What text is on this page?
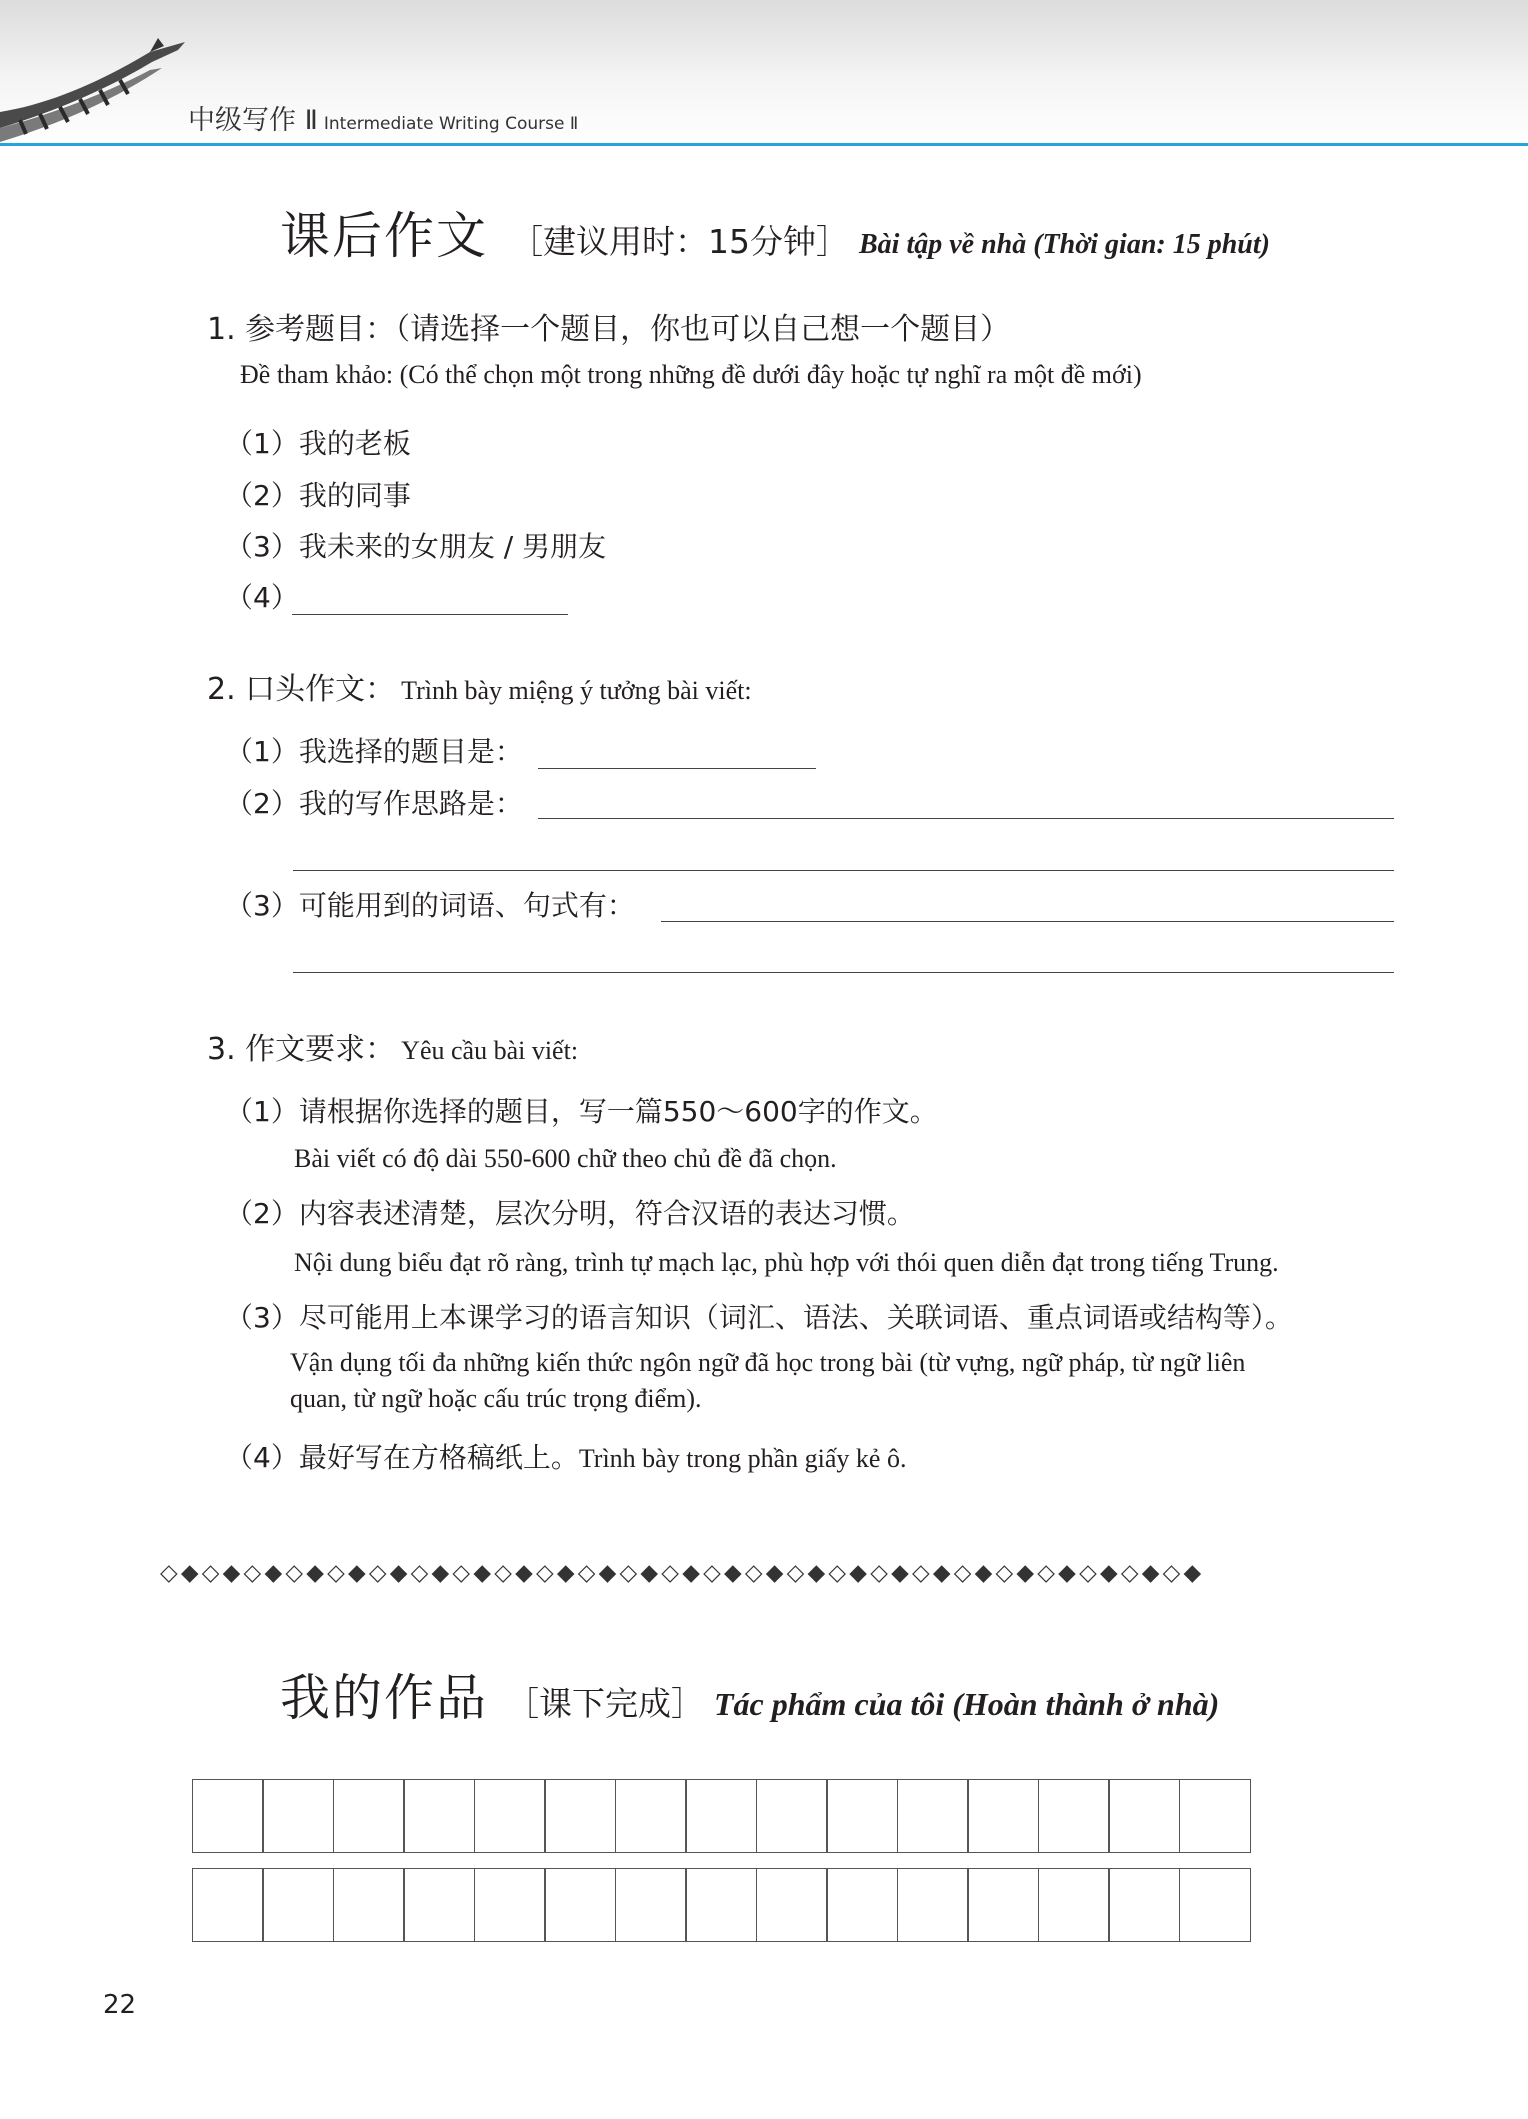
中级写作 Ⅱ Intermediate Writing Course Ⅱ
课后作文 ［建议用时：15分钟］ Bài tập về nhà (Thời gian: 15 phút)
1. 参考题目：（请选择一个题目，你也可以自己想一个题目）
Đề tham khảo: (Có thể chọn một trong những đề dưới đây hoặc tự nghĩ ra một đề mới)
（1）我的老板
（2）我的同事
（3）我未来的女朋友 / 男朋友
（4）
2. 口头作文： Trình bày miệng ý tưởng bài viết:
（1）我选择的题目是：
（2）我的写作思路是：
（3）可能用到的词语、句式有：
3. 作文要求： Yêu cầu bài viết:
（1）请根据你选择的题目，写一篇550～600字的作文。
Bài viết có độ dài 550-600 chữ theo chủ đề đã chọn.
（2）内容表述清楚，层次分明，符合汉语的表达习惯。
Nội dung biểu đạt rõ ràng, trình tự mạch lạc, phù hợp với thói quen diễn đạt trong tiếng Trung.
（3）尽可能用上本课学习的语言知识（词汇、语法、关联词语、重点词语或结构等）。
Vận dụng tối đa những kiến thức ngôn ngữ đã học trong bài (từ vựng, ngữ pháp, từ ngữ liên
quan, từ ngữ hoặc cấu trúc trọng điểm).
（4）最好写在方格稿纸上。Trình bày trong phần giấy kẻ ô.
◇◆◇◆◇◆◇◆◇◆◇◆◇◆◇◆◇◆◇◆◇◆◇◆◇◆◇◆◇◆◇◆◇◆◇◆◇◆◇◆◇◆◇◆◇◆◇◆◇◆
我的作品 ［课下完成］ Tác phẩm của tôi (Hoàn thành ở nhà)
22
